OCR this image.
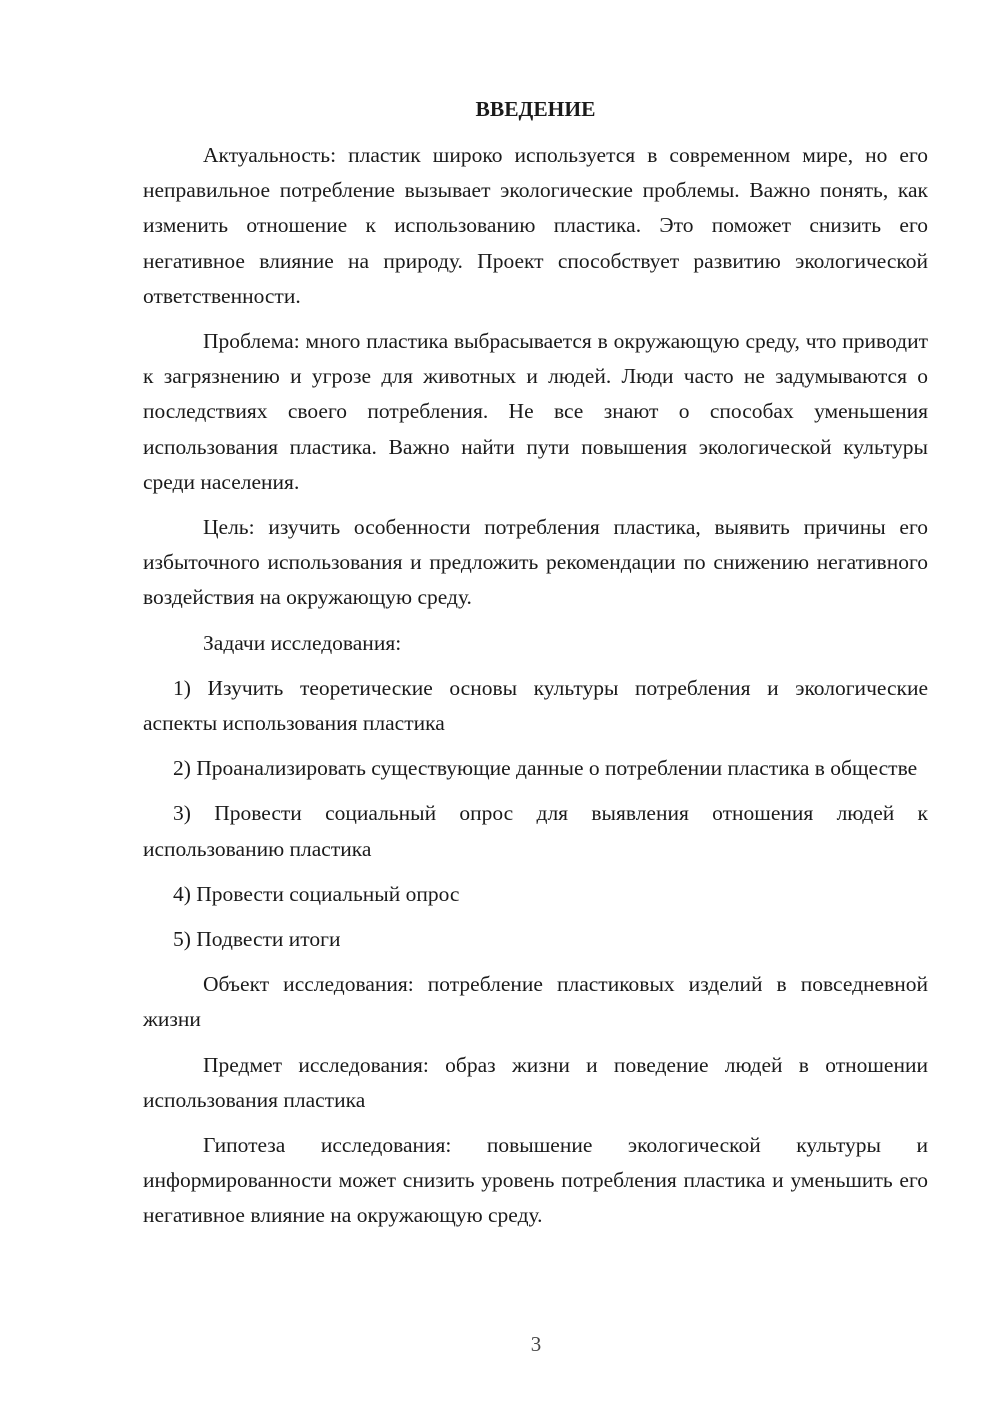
ВВЕДЕНИЕ

Актуальность: пластик широко используется в современном мире, но его неправильное потребление вызывает экологические проблемы. Важно понять, как изменить отношение к использованию пластика. Это поможет снизить его негативное влияние на природу. Проект способствует развитию экологической ответственности.

Проблема: много пластика выбрасывается в окружающую среду, что приводит к загрязнению и угрозе для животных и людей. Люди часто не задумываются о последствиях своего потребления. Не все знают о способах уменьшения использования пластика. Важно найти пути повышения экологической культуры среди населения.

Цель: изучить особенности потребления пластика, выявить причины его избыточного использования и предложить рекомендации по снижению негативного воздействия на окружающую среду.

Задачи исследования:

1) Изучить теоретические основы культуры потребления и экологические аспекты использования пластика

2) Проанализировать существующие данные о потреблении пластика в обществе

3) Провести социальный опрос для выявления отношения людей к использованию пластика

4) Провести социальный опрос

5) Подвести итоги

Объект исследования: потребление пластиковых изделий в повседневной жизни

Предмет исследования: образ жизни и поведение людей в отношении использования пластика

Гипотеза исследования: повышение экологической культуры и информированности может снизить уровень потребления пластика и уменьшить его негативное влияние на окружающую среду.

3
